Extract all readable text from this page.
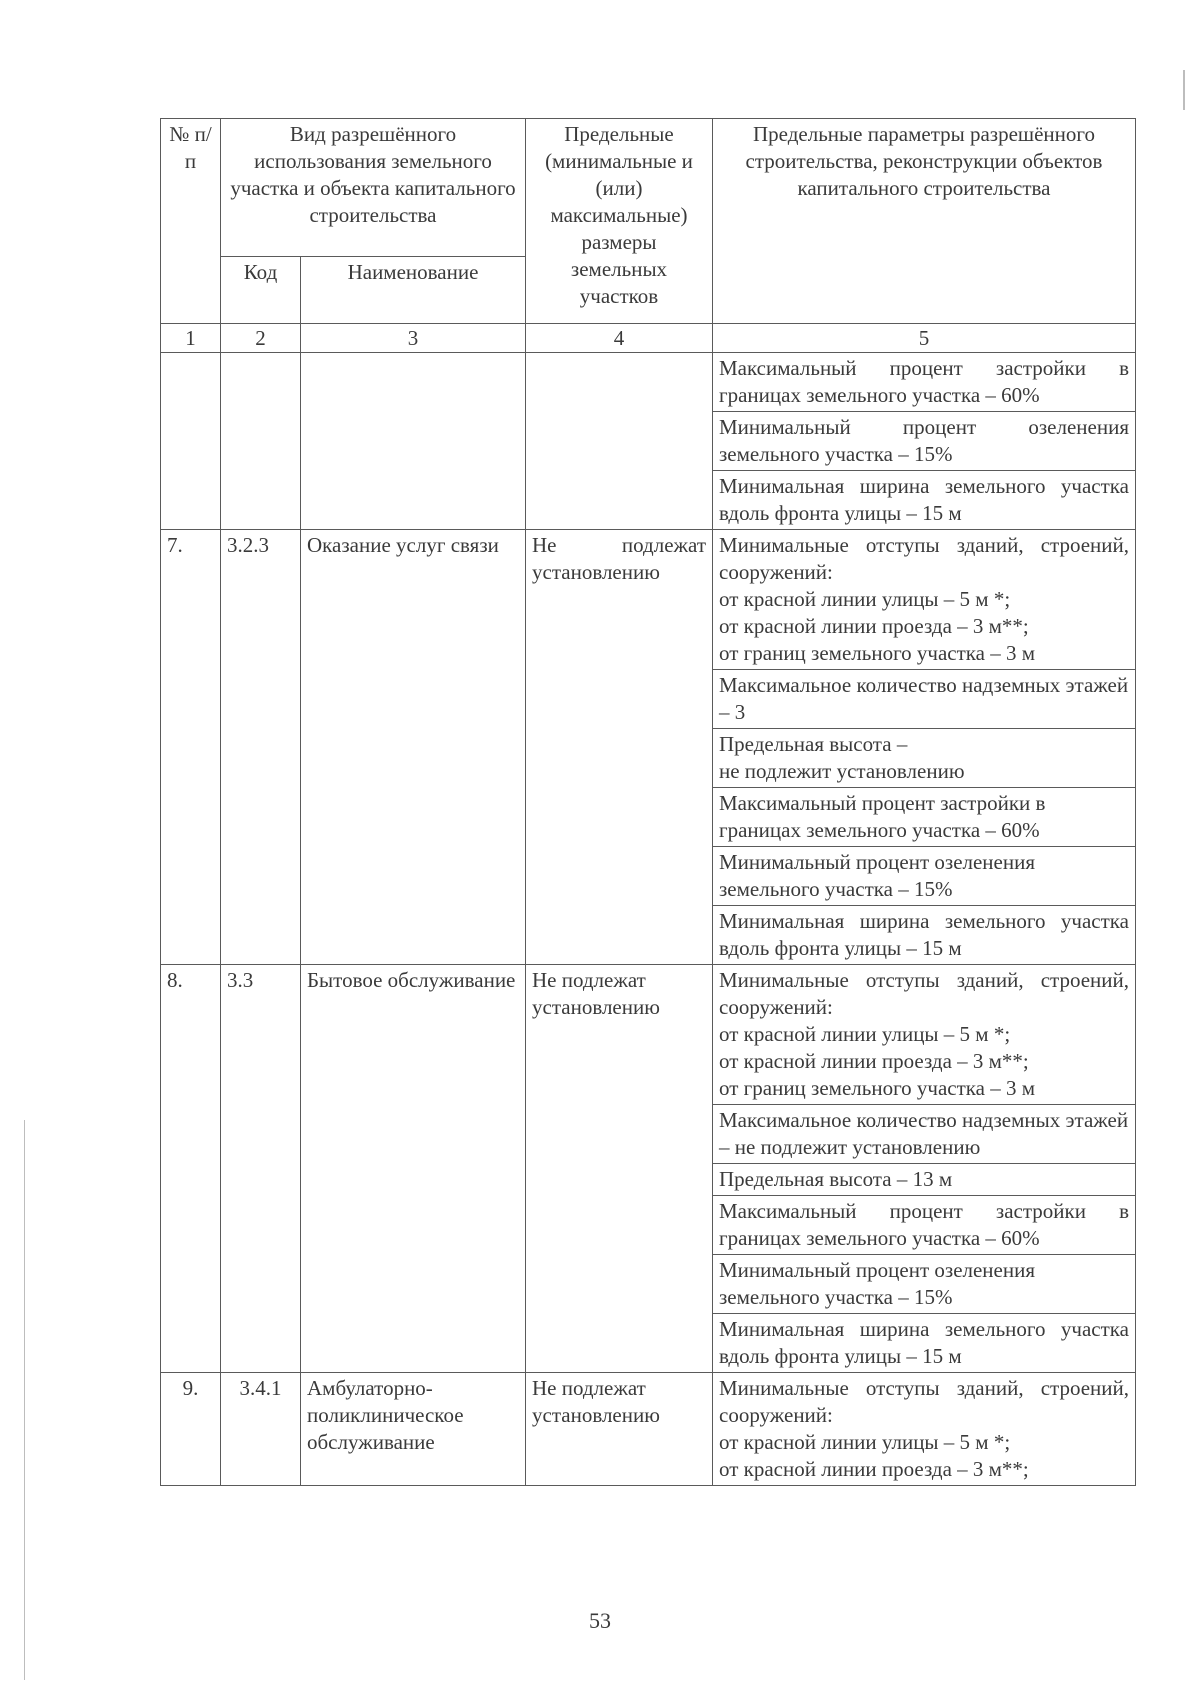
№ п/п	Вид разрешённого использования земельного участка и объекта капитального строительства		Предельные (минимальные и (или) максимальные) размеры земельных участков	Предельные параметры разрешённого строительства, реконструкции объектов капитального строительства
	Код	Наименование		
1	2	3	4	5
				Максимальный процент застройки в границах земельного участка – 60%
				Минимальный процент озеленения земельного участка – 15%
				Минимальная ширина земельного участка вдоль фронта улицы – 15 м
7.	3.2.3	Оказание услуг связи	Не подлежат установлению	Минимальные отступы зданий, строений, сооружений:
от красной линии улицы – 5 м *;
от красной линии проезда – 3 м**;
от границ земельного участка – 3 м
				Максимальное количество надземных этажей – 3
				Предельная высота –
не подлежит установлению
				Максимальный процент застройки в границах земельного участка – 60%
				Минимальный процент озеленения земельного участка – 15%
				Минимальная ширина земельного участка вдоль фронта улицы – 15 м
8.	3.3	Бытовое обслуживание	Не подлежат установлению	Минимальные отступы зданий, строений, сооружений:
от красной линии улицы – 5 м *;
от красной линии проезда – 3 м**;
от границ земельного участка – 3 м
				Максимальное количество надземных этажей – не подлежит установлению
				Предельная высота – 13 м
				Максимальный процент застройки в границах земельного участка – 60%
				Минимальный процент озеленения земельного участка – 15%
				Минимальная ширина земельного участка вдоль фронта улицы – 15 м
9.	3.4.1	Амбулаторно-поликлиническое обслуживание	Не подлежат установлению	Минимальные отступы зданий, строений, сооружений:
от красной линии улицы – 5 м *;
от красной линии проезда – 3 м**;
53
